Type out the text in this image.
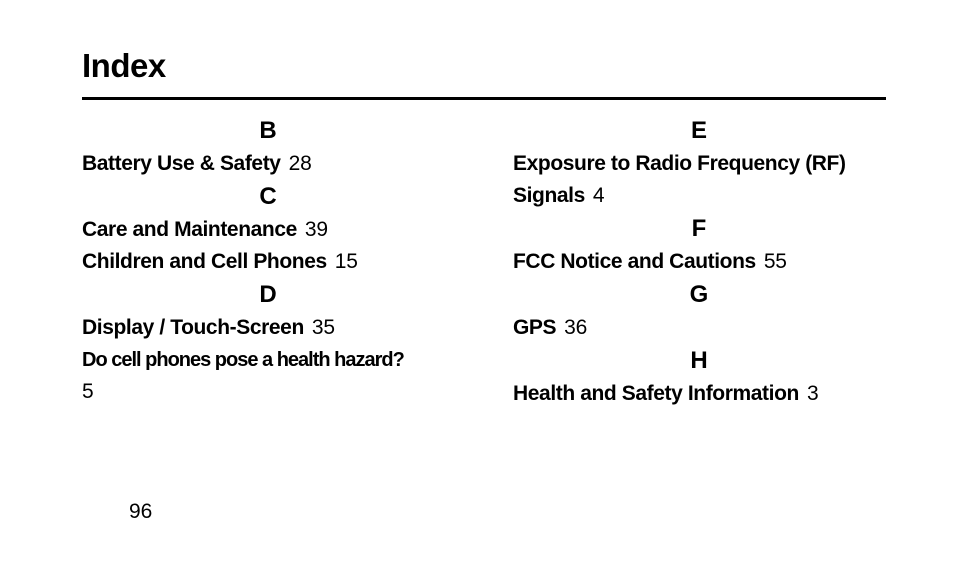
Index
B
Battery Use & Safety 28
C
Care and Maintenance 39
Children and Cell Phones 15
D
Display / Touch-Screen 35
Do cell phones pose a health hazard?
5
E
Exposure to Radio Frequency (RF) Signals 4
F
FCC Notice and Cautions 55
G
GPS 36
H
Health and Safety Information 3
96
